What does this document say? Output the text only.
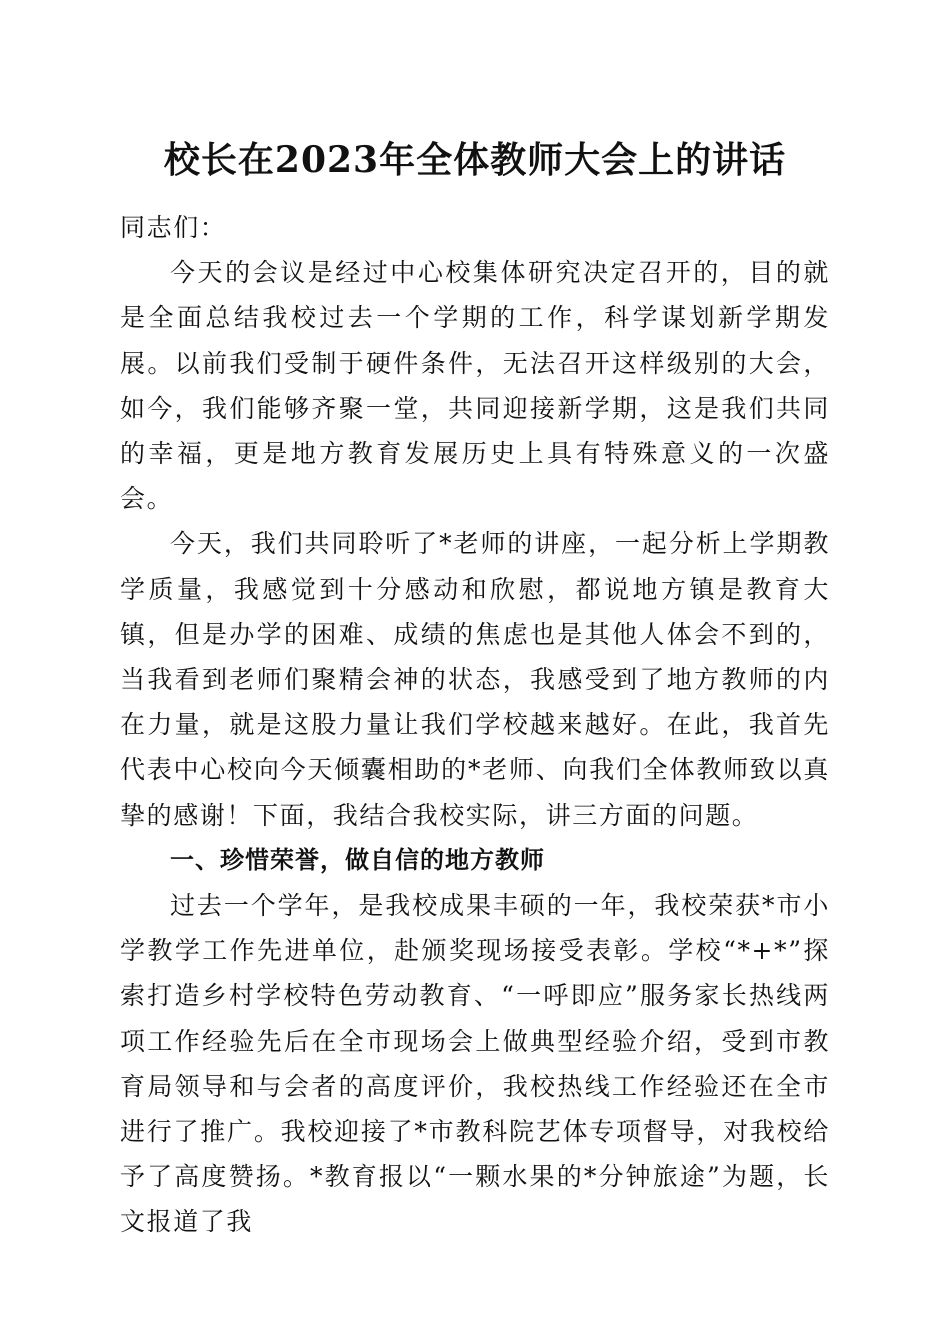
校长在2023年全体教师大会上的讲话

同志们：

今天的会议是经过中心校集体研究决定召开的，目的就是全面总结我校过去一个学期的工作，科学谋划新学期发展。以前我们受制于硬件条件，无法召开这样级别的大会，如今，我们能够齐聚一堂，共同迎接新学期，这是我们共同的幸福，更是地方教育发展历史上具有特殊意义的一次盛会。

今天，我们共同聆听了*老师的讲座，一起分析上学期教学质量，我感觉到十分感动和欣慰，都说地方镇是教育大镇，但是办学的困难、成绩的焦虑也是其他人体会不到的，当我看到老师们聚精会神的状态，我感受到了地方教师的内在力量，就是这股力量让我们学校越来越好。在此，我首先代表中心校向今天倾囊相助的*老师、向我们全体教师致以真挚的感谢！下面，我结合我校实际，讲三方面的问题。

一、珍惜荣誉，做自信的地方教师

过去一个学年，是我校成果丰硕的一年，我校荣获*市小学教学工作先进单位，赴颁奖现场接受表彰。学校“*+*”探索打造乡村学校特色劳动教育、“一呼即应”服务家长热线两项工作经验先后在全市现场会上做典型经验介绍，受到市教育局领导和与会者的高度评价，我校热线工作经验还在全市进行了推广。我校迎接了*市教科院艺体专项督导，对我校给予了高度赞扬。*教育报以“一颗水果的*分钟旅途”为题，长文报道了我
